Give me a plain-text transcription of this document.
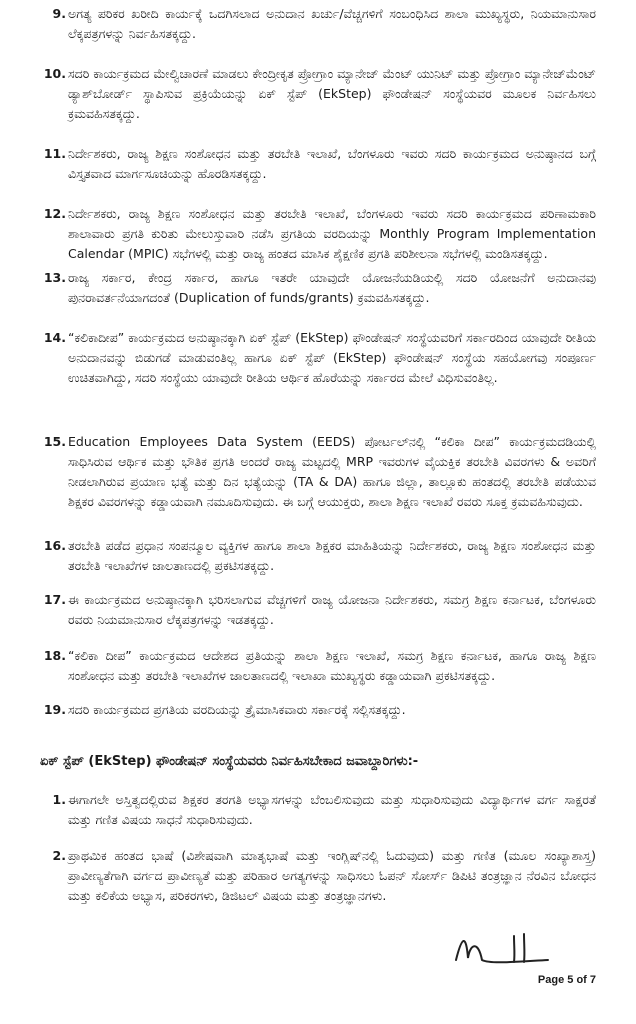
9. ಅಗತ್ಯ ಪರಿಕರ ಖರೀದಿ ಕಾರ್ಯಕ್ಕೆ ಒದಗಿಸಲಾದ ಅನುದಾನ ಖರ್ಚು/ವೆಚ್ಚಗಳಿಗೆ ಸಂಬಂಧಿಸಿದ ಶಾಲಾ ಮುಖ್ಯಸ್ಥರು, ನಿಯಮಾನುಸಾರ ಲೆಕ್ಕಪತ್ರಗಳನ್ನು ನಿರ್ವಹಿಸತಕ್ಕದ್ದು.
10. ಸದರಿ ಕಾರ್ಯಕ್ರಮದ ಮೇಲ್ವಿಚಾರಣೆ ಮಾಡಲು ಕೇಂದ್ರೀಕೃತ ಪ್ರೋಗ್ರಾಂ ಮ್ಯಾನೇಜ್ ಮೆಂಟ್ ಯುನಿಟ್ ಮತ್ತು ಪ್ರೋಗ್ರಾಂ ಮ್ಯಾನೇಜ್‌ಮೆಂಟ್ ಡ್ಯಾಶ್‌ಬೋರ್ಡ್ ಸ್ಥಾಪಿಸುವ ಪ್ರಕ್ರಿಯೆಯನ್ನು ಏಕ್ ಸ್ಟೆಪ್ (EkStep) ಫೌಂಡೇಷನ್ ಸಂಸ್ಥೆಯವರ ಮೂಲಕ ನಿರ್ವಹಿಸಲು ಕ್ರಮವಹಿಸತಕ್ಕದ್ದು.
11. ನಿರ್ದೇಶಕರು, ರಾಜ್ಯ ಶಿಕ್ಷಣ ಸಂಶೋಧನ ಮತ್ತು ತರಬೇತಿ ಇಲಾಖೆ, ಬೆಂಗಳೂರು ಇವರು ಸದರಿ ಕಾರ್ಯಕ್ರಮದ ಅನುಷ್ಠಾನದ ಬಗ್ಗೆ ವಿಸ್ತೃತವಾದ ಮಾರ್ಗಸೂಚಿಯನ್ನು ಹೊರಡಿಸತಕ್ಕದ್ದು.
12. ನಿರ್ದೇಶಕರು, ರಾಜ್ಯ ಶಿಕ್ಷಣ ಸಂಶೋಧನ ಮತ್ತು ತರಬೇತಿ ಇಲಾಖೆ, ಬೆಂಗಳೂರು ಇವರು ಸದರಿ ಕಾರ್ಯಕ್ರಮದ ಪರಿಣಾಮಕಾರಿ ಶಾಲಾವಾರು ಪ್ರಗತಿ ಕುರಿತು ಮೇಲುಸ್ತುವಾರಿ ನಡೆಸಿ ಪ್ರಗತಿಯ ವರದಿಯನ್ನು Monthly Program Implementation Calendar (MPIC) ಸಭೆಗಳಲ್ಲಿ ಮತ್ತು ರಾಜ್ಯ ಹಂತದ ಮಾಸಿಕ ಶೈಕ್ಷಣಿಕ ಪ್ರಗತಿ ಪರಿಶೀಲನಾ ಸಭೆಗಳಲ್ಲಿ ಮಂಡಿಸತಕ್ಕದ್ದು.
13. ರಾಜ್ಯ ಸರ್ಕಾರ, ಕೇಂದ್ರ ಸರ್ಕಾರ, ಹಾಗೂ ಇತರೇ ಯಾವುದೇ ಯೋಜನೆಯಡಿಯಲ್ಲಿ ಸದರಿ ಯೋಜನೆಗೆ ಅನುದಾನವು ಪುನರಾವರ್ತನೆಯಾಗದಂತೆ (Duplication of funds/grants) ಕ್ರಮವಹಿಸತಕ್ಕದ್ದು.
14. “ಕಲಿಕಾದೀಪ” ಕಾರ್ಯಕ್ರಮದ ಅನುಷ್ಠಾನಕ್ಕಾಗಿ ಏಕ್ ಸ್ಟೆಪ್ (EkStep) ಫೌಂಡೇಷನ್ ಸಂಸ್ಥೆಯವರಿಗೆ ಸರ್ಕಾರದಿಂದ ಯಾವುದೇ ರೀತಿಯ ಅನುದಾನವನ್ನು ಬಿಡುಗಡೆ ಮಾಡುವಂತಿಲ್ಲ ಹಾಗೂ ಏಕ್ ಸ್ಟೆಪ್ (EkStep) ಫೌಂಡೇಷನ್ ಸಂಸ್ಥೆಯ ಸಹಯೋಗವು ಸಂಪೂರ್ಣ ಉಚಿತವಾಗಿದ್ದು, ಸದರಿ ಸಂಸ್ಥೆಯು ಯಾವುದೇ ರೀತಿಯ ಆರ್ಥಿಕ ಹೊರೆಯನ್ನು ಸರ್ಕಾರದ ಮೇಲೆ ವಿಧಿಸುವಂತಿಲ್ಲ.
15. Education Employees Data System (EEDS) ಪೋರ್ಟಲ್‌ನಲ್ಲಿ “ಕಲಿಕಾ ದೀಪ” ಕಾರ್ಯಕ್ರಮದಡಿಯಲ್ಲಿ ಸಾಧಿಸಿರುವ ಆರ್ಥಿಕ ಮತ್ತು ಭೌತಿಕ ಪ್ರಗತಿ ಅಂದರೆ ರಾಜ್ಯ ಮಟ್ಟದಲ್ಲಿ MRP ಇವರುಗಳ ವೈಯಕ್ತಿಕ ತರಬೇತಿ ವಿವರಗಳು & ಅವರಿಗೆ ನೀಡಲಾಗಿರುವ ಪ್ರಯಾಣ ಭತ್ಯೆ ಮತ್ತು ದಿನ ಭತ್ಯೆಯನ್ನು (TA & DA) ಹಾಗೂ ಜಿಲ್ಲಾ, ತಾಲ್ಲೂಕು ಹಂತದಲ್ಲಿ ತರಬೇತಿ ಪಡೆಯುವ ಶಿಕ್ಷಕರ ವಿವರಗಳನ್ನು ಕಡ್ಡಾಯವಾಗಿ ನಮೂದಿಸುವುದು. ಈ ಬಗ್ಗೆ ಆಯುಕ್ತರು, ಶಾಲಾ ಶಿಕ್ಷಣ ಇಲಾಖೆ ರವರು ಸೂಕ್ತ ಕ್ರಮವಹಿಸುವುದು.
16. ತರಬೇತಿ ಪಡೆದ ಪ್ರಧಾನ ಸಂಪನ್ಮೂಲ ವ್ಯಕ್ತಿಗಳ ಹಾಗೂ ಶಾಲಾ ಶಿಕ್ಷಕರ ಮಾಹಿತಿಯನ್ನು ನಿರ್ದೇಶಕರು, ರಾಜ್ಯ ಶಿಕ್ಷಣ ಸಂಶೋಧನ ಮತ್ತು ತರಬೇತಿ ಇಲಾಖೆಗಳ ಜಾಲತಾಣದಲ್ಲಿ ಪ್ರಕಟಿಸತಕ್ಕದ್ದು.
17. ಈ ಕಾರ್ಯಕ್ರಮದ ಅನುಷ್ಠಾನಕ್ಕಾಗಿ ಭರಿಸಲಾಗುವ ವೆಚ್ಚಗಳಿಗೆ ರಾಜ್ಯ ಯೋಜನಾ ನಿರ್ದೇಶಕರು, ಸಮಗ್ರ ಶಿಕ್ಷಣ ಕರ್ನಾಟಕ, ಬೆಂಗಳೂರು ರವರು ನಿಯಮಾನುಸಾರ ಲೆಕ್ಕಪತ್ರಗಳನ್ನು ಇಡತಕ್ಕದ್ದು.
18. “ಕಲಿಕಾ ದೀಪ” ಕಾರ್ಯಕ್ರಮದ ಆದೇಶದ ಪ್ರತಿಯನ್ನು ಶಾಲಾ ಶಿಕ್ಷಣ ಇಲಾಖೆ, ಸಮಗ್ರ ಶಿಕ್ಷಣ ಕರ್ನಾಟಕ, ಹಾಗೂ ರಾಜ್ಯ ಶಿಕ್ಷಣ ಸಂಶೋಧನ ಮತ್ತು ತರಬೇತಿ ಇಲಾಖೆಗಳ ಜಾಲತಾಣದಲ್ಲಿ ಇಲಾಖಾ ಮುಖ್ಯಸ್ಥರು ಕಡ್ಡಾಯವಾಗಿ ಪ್ರಕಟಿಸತಕ್ಕದ್ದು.
19. ಸದರಿ ಕಾರ್ಯಕ್ರಮದ ಪ್ರಗತಿಯ ವರದಿಯನ್ನು ತ್ರೈಮಾಸಿಕವಾರು ಸರ್ಕಾರಕ್ಕೆ ಸಲ್ಲಿಸತಕ್ಕದ್ದು.
ಏಕ್ ಸ್ಟೆಪ್ (EkStep) ಫೌಂಡೇಷನ್ ಸಂಸ್ಥೆಯವರು ನಿರ್ವಹಿಸಬೇಕಾದ ಜವಾಬ್ದಾರಿಗಳು:-
1. ಈಗಾಗಲೇ ಅಸ್ತಿತ್ವದಲ್ಲಿರುವ ಶಿಕ್ಷಕರ ತರಗತಿ ಅಭ್ಯಾಸಗಳನ್ನು ಬೆಂಬಲಿಸುವುದು ಮತ್ತು ಸುಧಾರಿಸುವುದು ವಿದ್ಯಾರ್ಥಿಗಳ ವರ್ಗ ಸಾಕ್ಷರತೆ ಮತ್ತು ಗಣಿತ ವಿಷಯ ಸಾಧನೆ ಸುಧಾರಿಸುವುದು.
2. ಪ್ರಾಥಮಿಕ ಹಂತದ ಭಾಷೆ (ವಿಶೇಷವಾಗಿ ಮಾತೃಭಾಷೆ ಮತ್ತು ಇಂಗ್ಲಿಷ್‌ನಲ್ಲಿ ಓದುವುದು) ಮತ್ತು ಗಣಿತ (ಮೂಲ ಸಂಖ್ಯಾಶಾಸ್ತ್ರ) ಪ್ರಾವೀಣ್ಯತೆಗಾಗಿ ವರ್ಗದ ಪ್ರಾವೀಣ್ಯತೆ ಮತ್ತು ಪರಿಹಾರ ಅಗತ್ಯಗಳನ್ನು ಸಾಧಿಸಲು ಓಪನ್ ಸೋರ್ಸ್ ಡಿಪಿಟಿ ತಂತ್ರಜ್ಞಾನ ನೆರವಿನ ಬೋಧನ ಮತ್ತು ಕಲಿಕೆಯ ಅಭ್ಯಾಸ, ಪರಿಕರಗಳು, ಡಿಜಿಟಲ್ ವಿಷಯ ಮತ್ತು ತಂತ್ರಜ್ಞಾನಗಳು.
Page 5 of 7
